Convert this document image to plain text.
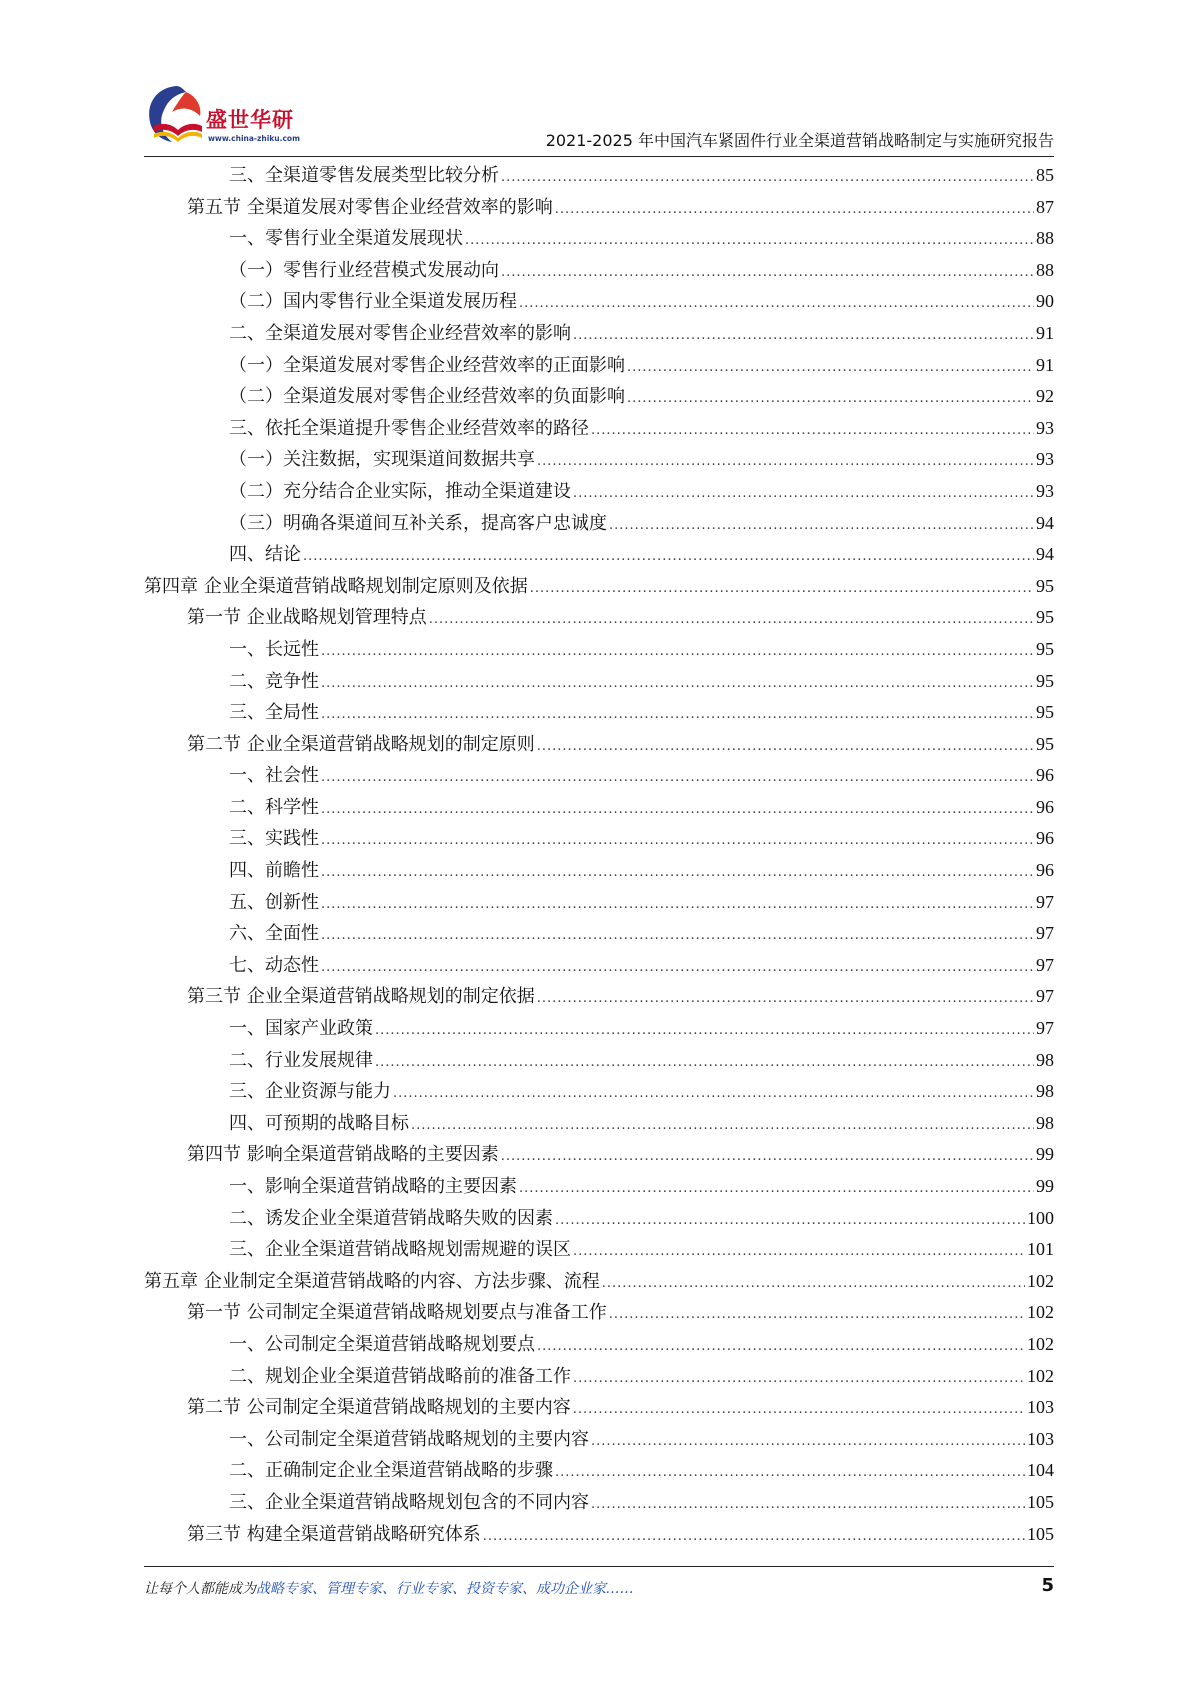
盛世华研
www.china-zhiku.com	2021-2025 年中国汽车紧固件行业全渠道营销战略制定与实施研究报告
三、全渠道零售发展类型比较分析 .....	85
第五节 全渠道发展对零售企业经营效率的影响 .....	87
一、零售行业全渠道发展现状 .....	88
（一）零售行业经营模式发展动向 .....	88
（二）国内零售行业全渠道发展历程 .....	90
二、全渠道发展对零售企业经营效率的影响 .....	91
（一）全渠道发展对零售企业经营效率的正面影响 .....	91
（二）全渠道发展对零售企业经营效率的负面影响 .....	92
三、依托全渠道提升零售企业经营效率的路径 .....	93
（一）关注数据，实现渠道间数据共享 .....	93
（二）充分结合企业实际，推动全渠道建设 .....	93
（三）明确各渠道间互补关系，提高客户忠诚度 .....	94
四、结论 .....	94
第四章 企业全渠道营销战略规划制定原则及依据 .....	95
第一节 企业战略规划管理特点 .....	95
一、长远性 .....	95
二、竞争性 .....	95
三、全局性 .....	95
第二节 企业全渠道营销战略规划的制定原则 .....	95
一、社会性 .....	96
二、科学性 .....	96
三、实践性 .....	96
四、前瞻性 .....	96
五、创新性 .....	97
六、全面性 .....	97
七、动态性 .....	97
第三节 企业全渠道营销战略规划的制定依据 .....	97
一、国家产业政策 .....	97
二、行业发展规律 .....	98
三、企业资源与能力 .....	98
四、可预期的战略目标 .....	98
第四节 影响全渠道营销战略的主要因素 .....	99
一、影响全渠道营销战略的主要因素 .....	99
二、诱发企业全渠道营销战略失败的因素 .....	100
三、企业全渠道营销战略规划需规避的误区 .....	101
第五章 企业制定全渠道营销战略的内容、方法步骤、流程 .....	102
第一节 公司制定全渠道营销战略规划要点与准备工作 .....	102
一、公司制定全渠道营销战略规划要点 .....	102
二、规划企业全渠道营销战略前的准备工作 .....	102
第二节 公司制定全渠道营销战略规划的主要内容 .....	103
一、公司制定全渠道营销战略规划的主要内容 .....	103
二、正确制定企业全渠道营销战略的步骤 .....	104
三、企业全渠道营销战略规划包含的不同内容 .....	105
第三节 构建全渠道营销战略研究体系 .....	105
让每个人都能成为战略专家、管理专家、行业专家、投资专家、成功企业家……	5
